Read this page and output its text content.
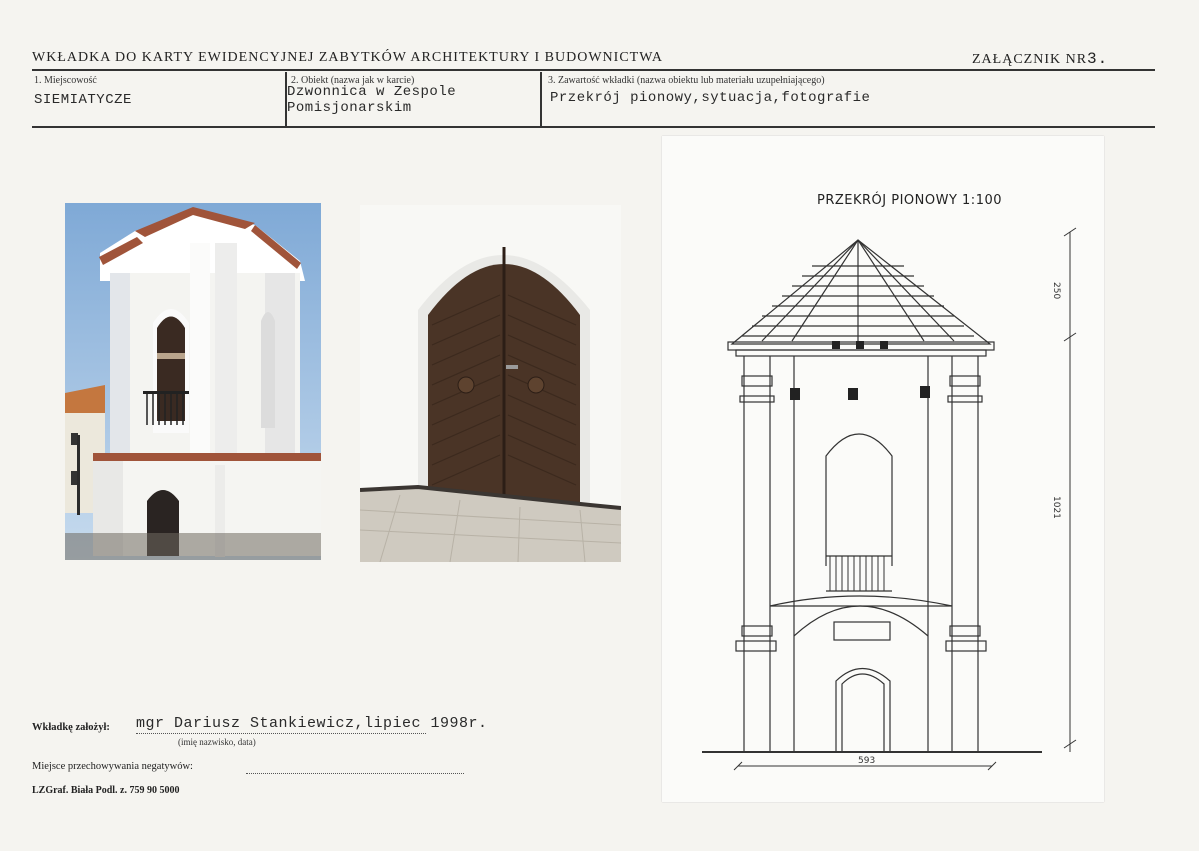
WKŁADKA DO KARTY EWIDENCYJNEJ ZABYTKÓW ARCHITEKTURY I BUDOWNICTWA	ZAŁĄCZNIK NR3.
1. Miejscowość
SIEMIATYCZE
2. Obiekt (nazwa jak w karcie)
Dzwonnica w Zespole
Pomisjonarskim
3. Zawartość wkładki (nazwa obiektu lub materiału uzupełniającego)
Przekrój pionowy,sytuacja,fotografie
PRZEKRÓJ PIONOWY 1:100
250
1021
593
Wkładkę założył: mgr Dariusz Stankiewicz,lipiec 1998r.
(imię nazwisko, data)
Miejsce przechowywania negatywów:
LZGraf. Biała Podl. z. 759 90 5000
